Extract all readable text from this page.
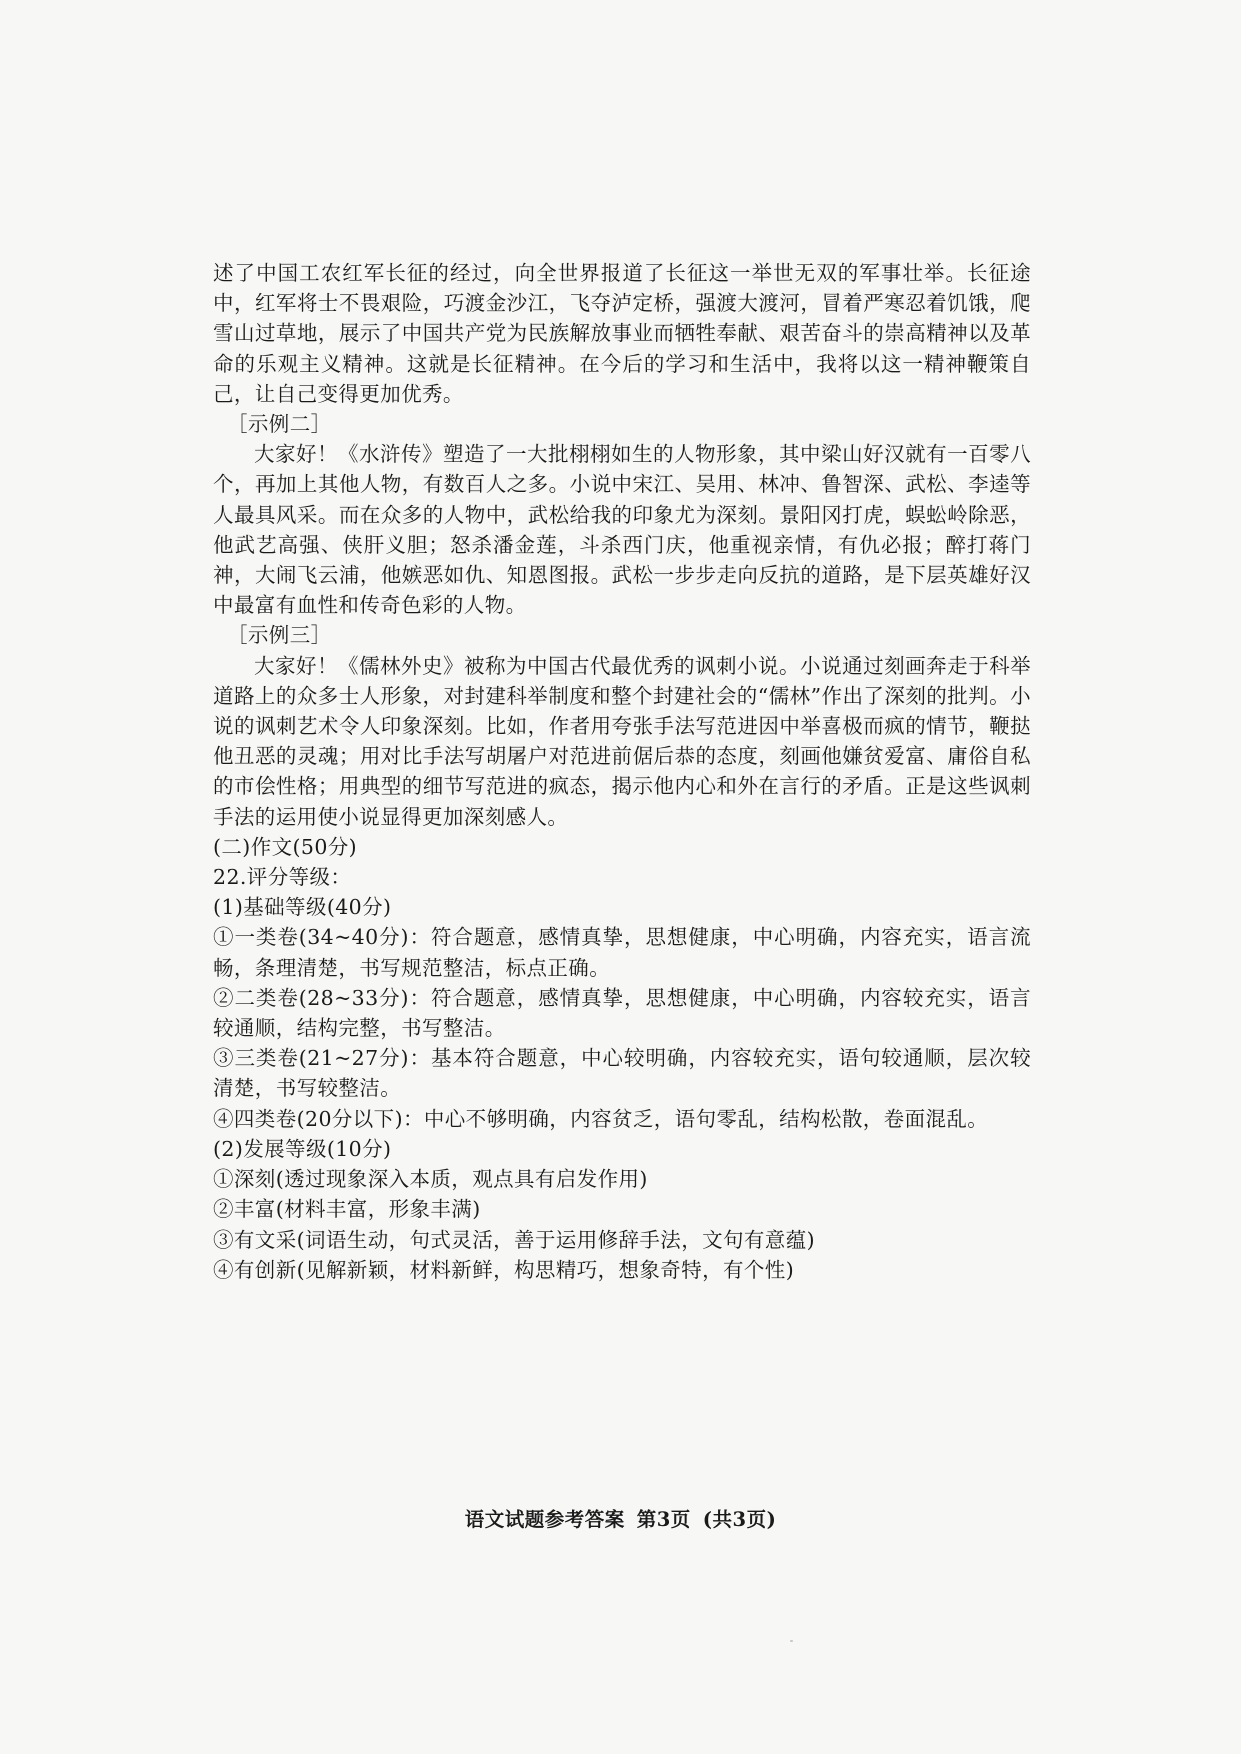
述了中国工农红军长征的经过，向全世界报道了长征这一举世无双的军事壮举。长征途中，红军将士不畏艰险，巧渡金沙江，飞夺泸定桥，强渡大渡河，冒着严寒忍着饥饿，爬雪山过草地，展示了中国共产党为民族解放事业而牺牲奉献、艰苦奋斗的崇高精神以及革命的乐观主义精神。这就是长征精神。在今后的学习和生活中，我将以这一精神鞭策自己，让自己变得更加优秀。

［示例二］

大家好！《水浒传》塑造了一大批栩栩如生的人物形象，其中梁山好汉就有一百零八个，再加上其他人物，有数百人之多。小说中宋江、吴用、林冲、鲁智深、武松、李逵等人最具风采。而在众多的人物中，武松给我的印象尤为深刻。景阳冈打虎，蜈蚣岭除恶，他武艺高强、侠肝义胆；怒杀潘金莲，斗杀西门庆，他重视亲情，有仇必报；醉打蒋门神，大闹飞云浦，他嫉恶如仇、知恩图报。武松一步步走向反抗的道路，是下层英雄好汉中最富有血性和传奇色彩的人物。

［示例三］

大家好！《儒林外史》被称为中国古代最优秀的讽刺小说。小说通过刻画奔走于科举道路上的众多士人形象，对封建科举制度和整个封建社会的“儒林”作出了深刻的批判。小说的讽刺艺术令人印象深刻。比如，作者用夸张手法写范进因中举喜极而疯的情节，鞭挞他丑恶的灵魂；用对比手法写胡屠户对范进前倨后恭的态度，刻画他嫌贫爱富、庸俗自私的市侩性格；用典型的细节写范进的疯态，揭示他内心和外在言行的矛盾。正是这些讽刺手法的运用使小说显得更加深刻感人。

(二)作文(50分)

22.评分等级：

(1)基础等级(40分)

①一类卷(34~40分)：符合题意，感情真挚，思想健康，中心明确，内容充实，语言流畅，条理清楚，书写规范整洁，标点正确。

②二类卷(28~33分)：符合题意，感情真挚，思想健康，中心明确，内容较充实，语言较通顺，结构完整，书写整洁。

③三类卷(21~27分)：基本符合题意，中心较明确，内容较充实，语句较通顺，层次较清楚，书写较整洁。

④四类卷(20分以下)：中心不够明确，内容贫乏，语句零乱，结构松散，卷面混乱。

(2)发展等级(10分)

①深刻(透过现象深入本质，观点具有启发作用)

②丰富(材料丰富，形象丰满)

③有文采(词语生动，句式灵活，善于运用修辞手法，文句有意蕴)

④有创新(见解新颖，材料新鲜，构思精巧，想象奇特，有个性)

语文试题参考答案 第3页 (共3页)
